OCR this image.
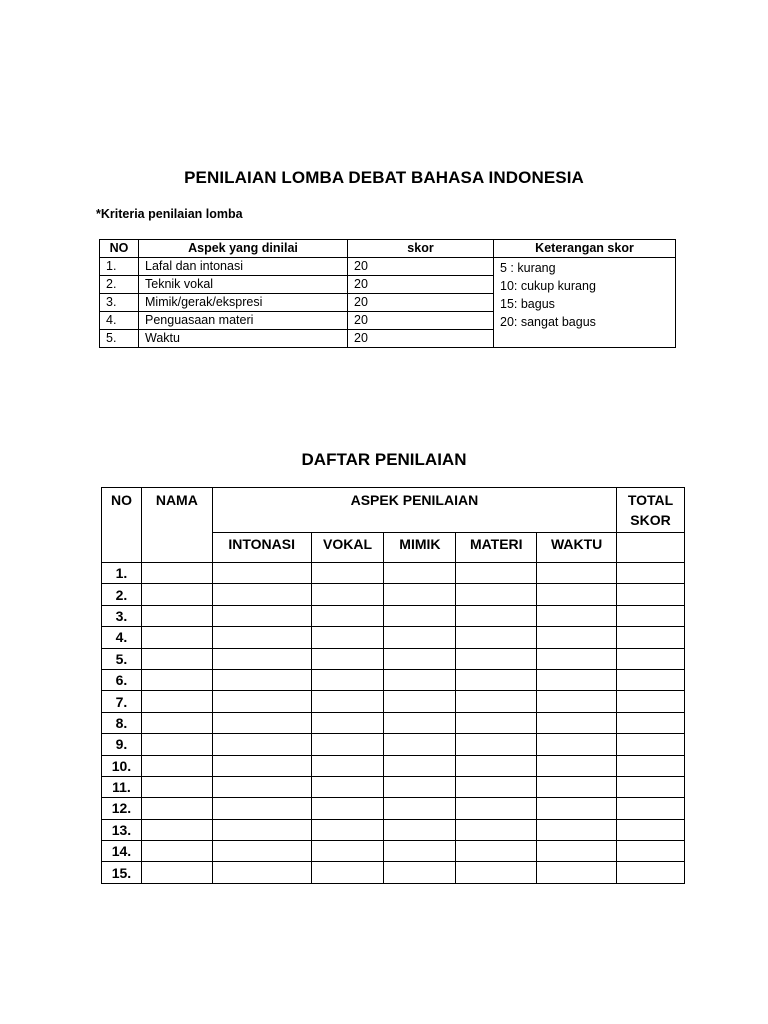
PENILAIAN LOMBA DEBAT BAHASA INDONESIA
*Kriteria penilaian lomba
NO	Aspek yang dinilai	skor	Keterangan skor
1.	Lafal dan intonasi	20	5 : kurang
10: cukup kurang
15: bagus
20: sangat bagus

2.	Teknik vokal	20	
3.	Mimik/gerak/ekspresi	20	
4.	Penguasaan materi	20	
5.	Waktu	20	
DAFTAR PENILAIAN
NO	NAMA	ASPEK PENILAIAN					TOTAL
SKOR
		INTONASI	VOKAL	MIMIK	MATERI	WAKTU	
1.							
2.							
3.							
4.							
5.							
6.							
7.							
8.							
9.							
10.							
11.							
12.							
13.							
14.							
15.							
